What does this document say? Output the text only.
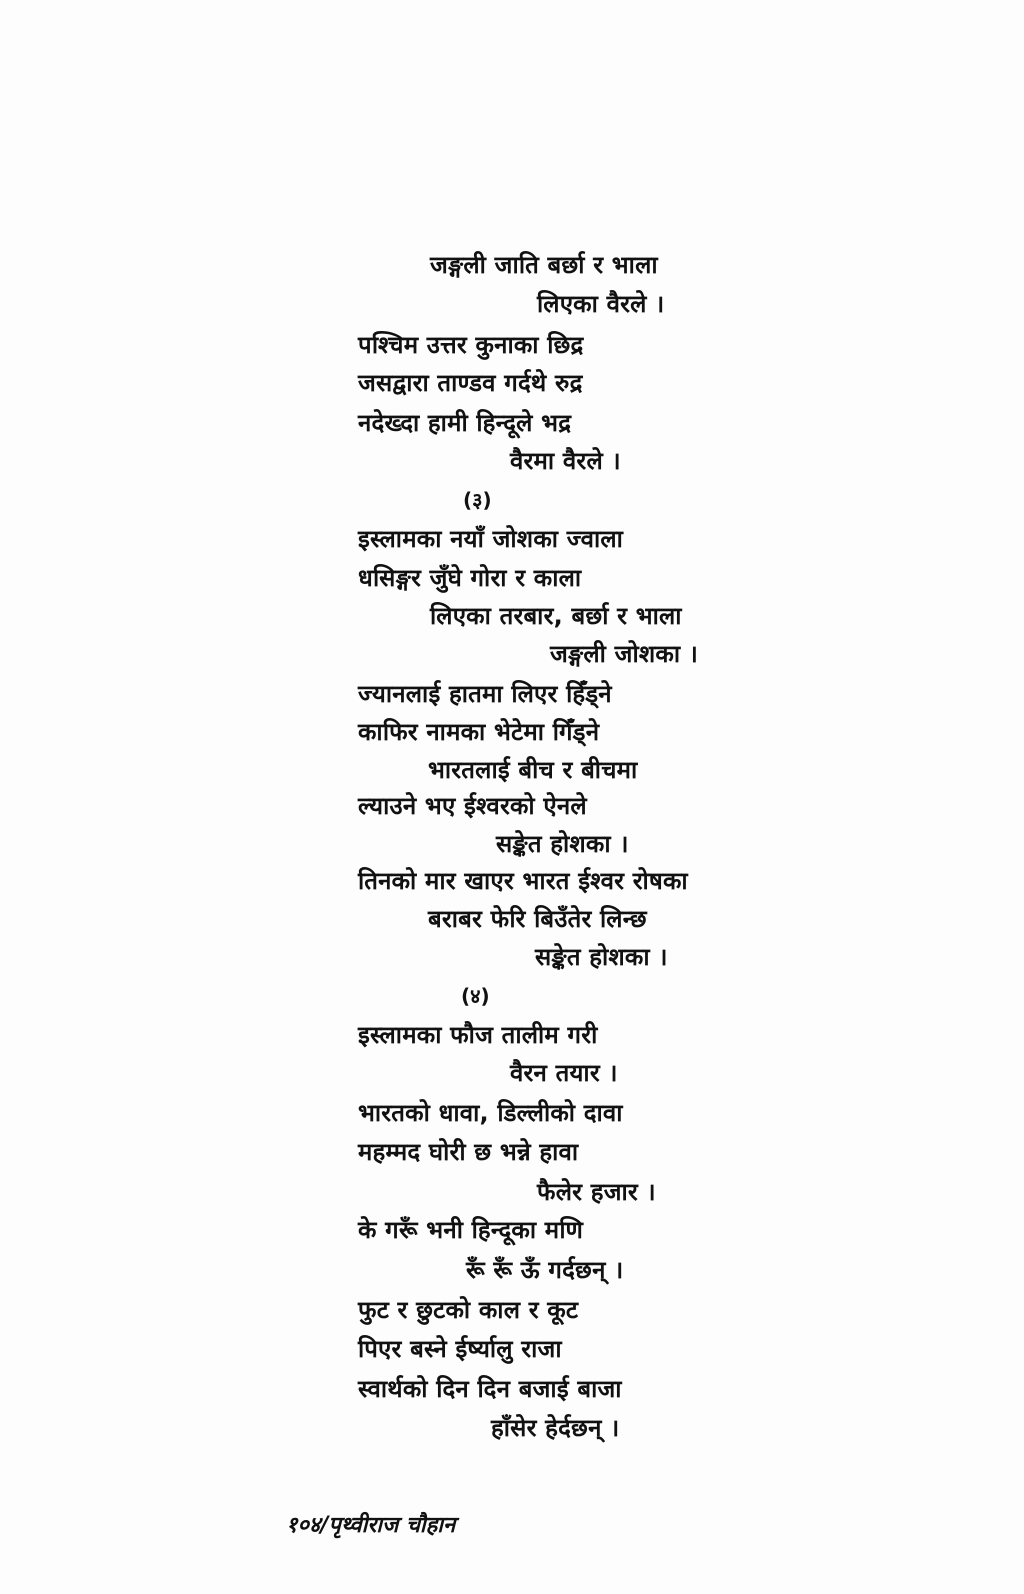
जङ्गली जाति बर्छा र भाला
लिएका वैरले ।
पश्चिम उत्तर कुनाका छिद्र
जसद्वारा ताण्डव गर्दथे रुद्र
नदेख्दा हामी हिन्दूले भद्र
वैरमा वैरले ।
(३)
इस्लामका नयाँ जोशका ज्वाला
धसिङ्गर जुँघे गोरा र काला
लिएका तरबार, बर्छा र भाला
जङ्गली जोशका ।
ज्यानलाई हातमा लिएर हिँड्ने
काफिर नामका भेटेमा गिँड्ने
भारतलाई बीच र बीचमा
ल्याउने भए ईश्वरको ऐनले
सङ्केत होशका ।
तिनको मार खाएर भारत ईश्वर रोषका
बराबर फेरि बिउँतेर लिन्छ
सङ्केत होशका ।
(४)
इस्लामका फौज तालीम गरी
वैरन तयार ।
भारतको धावा, डिल्लीको दावा
महम्मद घोरी छ भन्ने हावा
फैलेर हजार ।
के गरूँ भनी हिन्दूका मणि
रूँ रूँ ऊँ गर्दछन् ।
फुट र छुटको काल र कूट
पिएर बस्ने ईर्ष्यालु राजा
स्वार्थको दिन दिन बजाई बाजा
हाँसेर हेर्दछन् ।
१०४/पृथ्वीराज चौहान
